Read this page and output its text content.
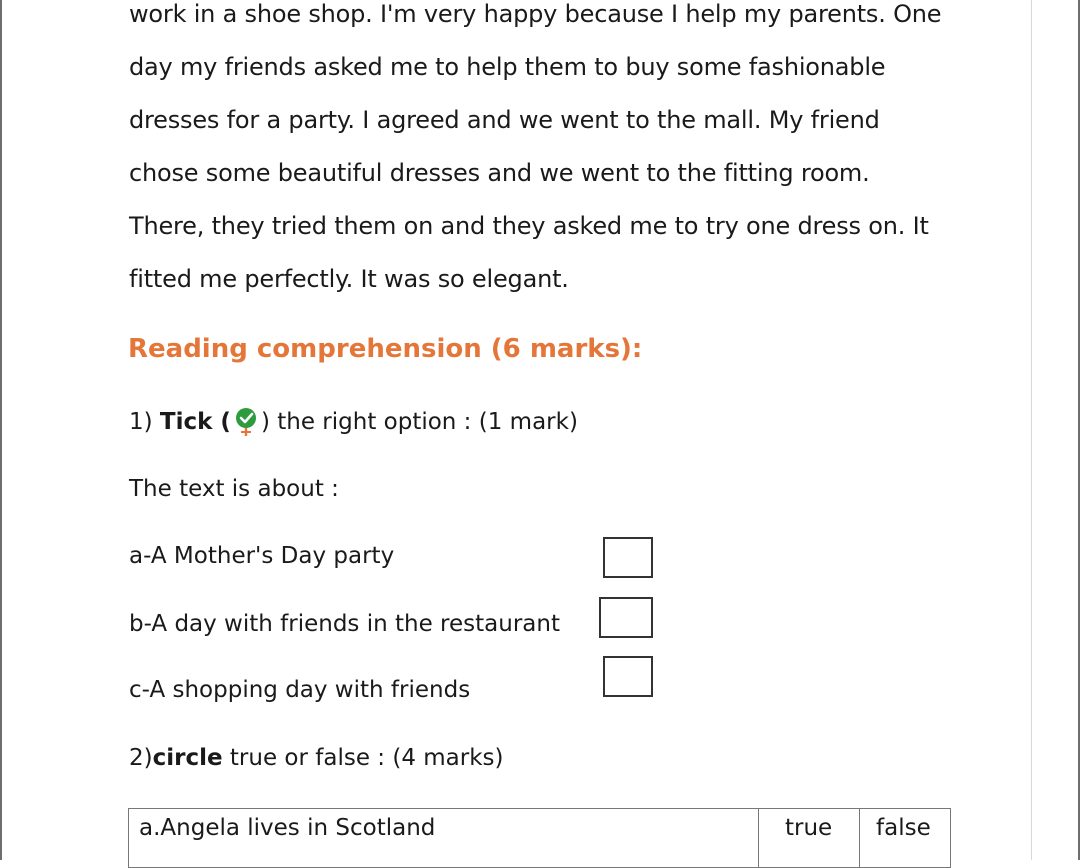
work in a shoe shop. I'm very happy because I help my parents. One
day my friends asked me to help them to buy some fashionable
dresses for a party. I agreed and we went to the mall. My friend
chose some beautiful dresses and we went to the fitting room.
There, they tried them on and they asked me to try one dress on. It
fitted me perfectly. It was so elegant.
Reading comprehension (6 marks):
1) Tick ( ) the right option : (1 mark)
The text is about :
a-A Mother's Day party
b-A day with friends in the restaurant
c-A shopping day with friends
2)circle true or false : (4 marks)
a.Angela lives in Scotland	true	false
